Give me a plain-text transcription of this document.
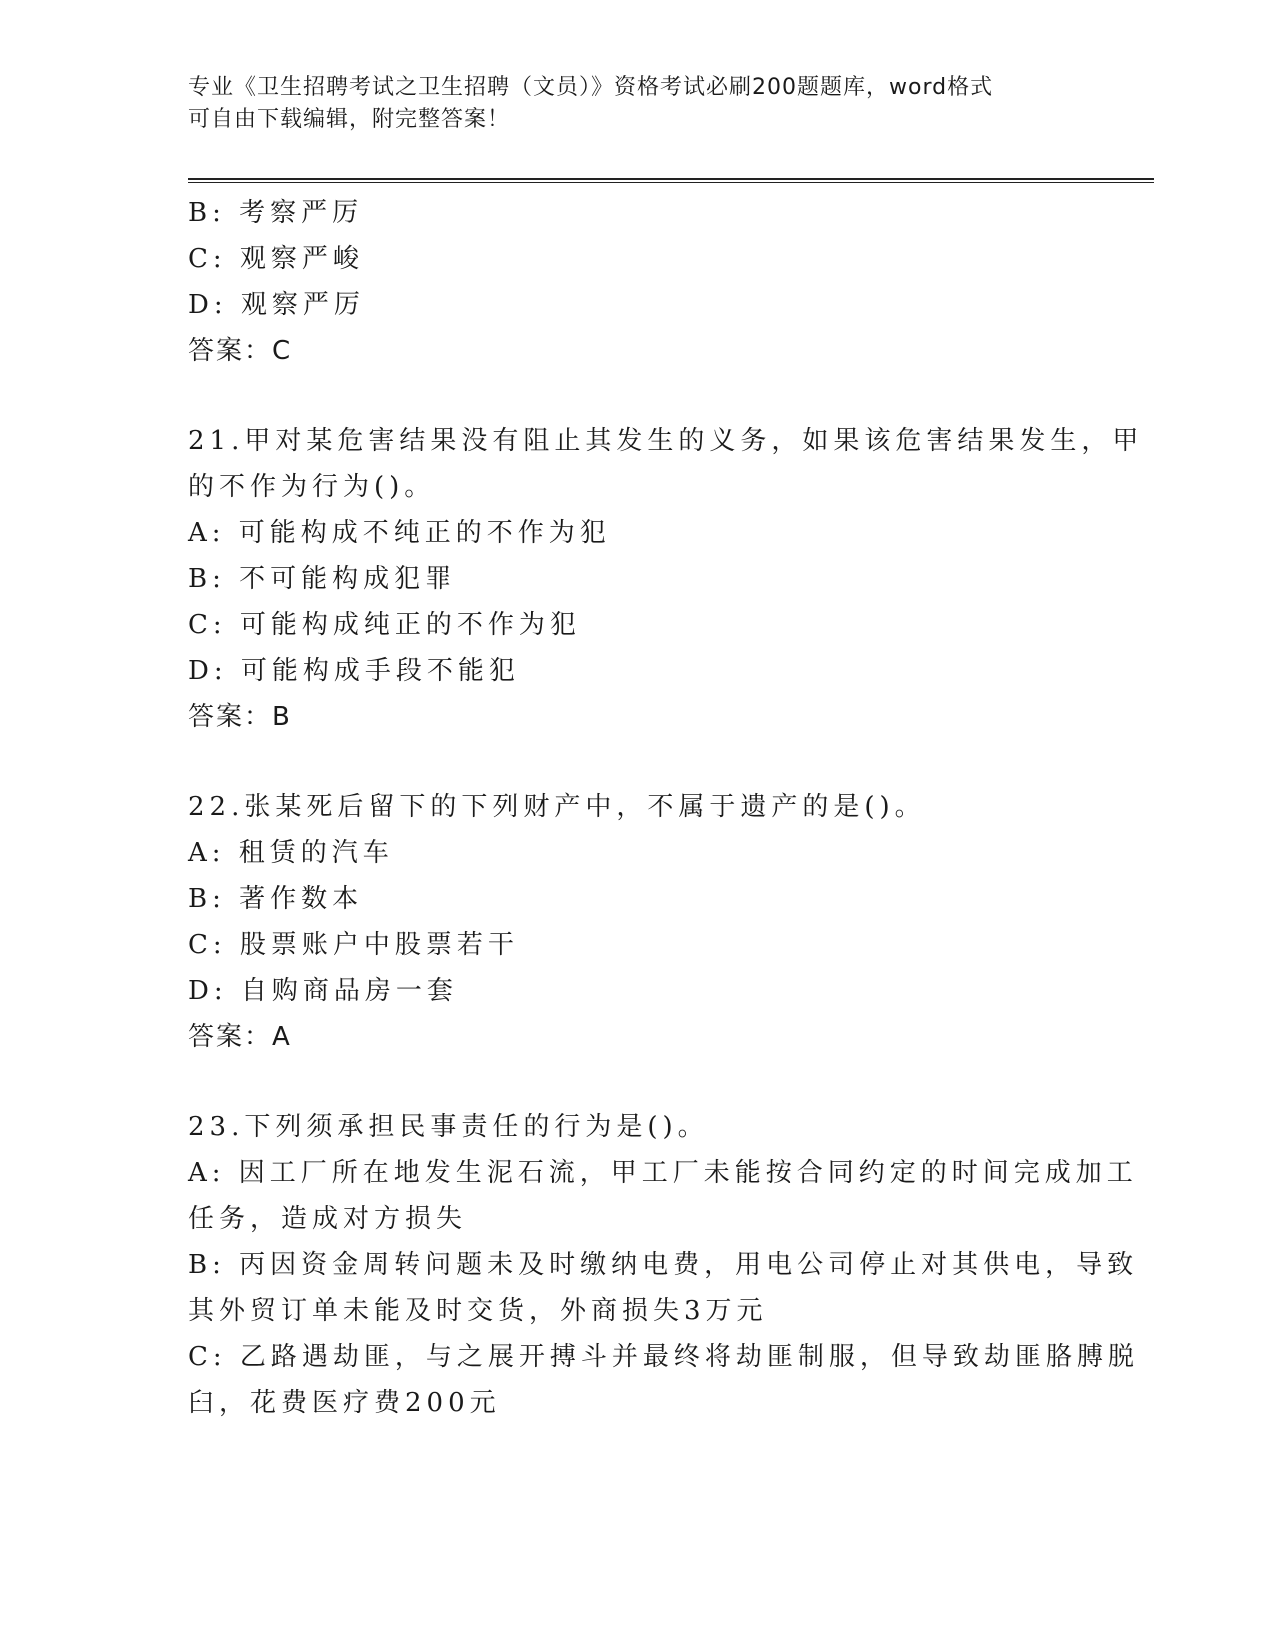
专业《卫生招聘考试之卫生招聘（文员）》资格考试必刷200题题库，word格式
可自由下载编辑，附完整答案！
B: 考察严厉
C: 观察严峻
D: 观察严厉
答案：C
21.甲对某危害结果没有阻止其发生的义务，如果该危害结果发生，甲
的不作为行为()。
A: 可能构成不纯正的不作为犯
B: 不可能构成犯罪
C: 可能构成纯正的不作为犯
D: 可能构成手段不能犯
答案：B
22.张某死后留下的下列财产中，不属于遗产的是()。
A: 租赁的汽车
B: 著作数本
C: 股票账户中股票若干
D: 自购商品房一套
答案：A
23.下列须承担民事责任的行为是()。
A: 因工厂所在地发生泥石流，甲工厂未能按合同约定的时间完成加工
任务，造成对方损失
B: 丙因资金周转问题未及时缴纳电费，用电公司停止对其供电，导致
其外贸订单未能及时交货，外商损失3万元
C: 乙路遇劫匪，与之展开搏斗并最终将劫匪制服，但导致劫匪胳膊脱
臼，花费医疗费200元
